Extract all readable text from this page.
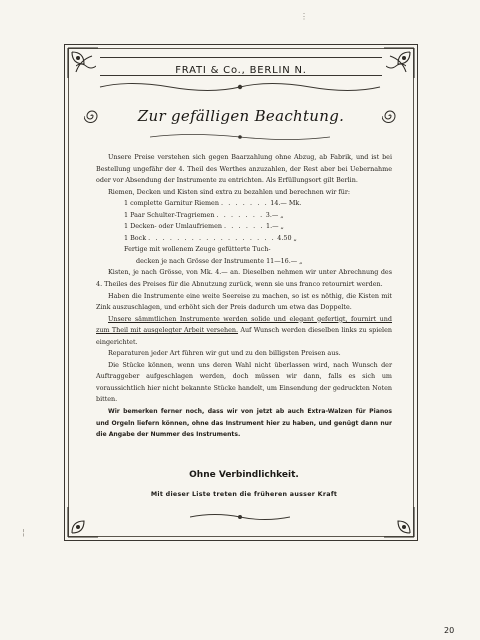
FRATI & Co., BERLIN N.
Zur gefälligen Beachtung.

Unsere Preise verstehen sich gegen Baarzahlung ohne Abzug, ab Fabrik, und ist bei Bestellung ungefähr der 4. Theil des Werthes anzuzahlen, der Rest aber bei Uebernahme oder vor Absendung der Instrumente zu entrichten. Als Erfüllungsort gilt Berlin.

Riemen, Decken und Kisten sind extra zu bezahlen und berechnen wir für:

1 complette Garnitur Riemen . . . . . . . 14.— Mk.

1 Paar Schulter-Tragriemen . . . . . . . 3.— „

1 Decken- oder Umlaufriemen . . . . . . 1.— „

1 Bock . . . . . . . . . . . . . . . . . . 4.50 „

Fertige mit wollenem Zeuge gefütterte Tuch-

decken je nach Grösse der Instrumente 11—16.— „

Kisten, je nach Grösse, von Mk. 4.— an. Dieselben nehmen wir unter Abrechnung des 4. Theiles des Preises für die Abnutzung zurück, wenn sie uns franco retournirt werden.

Haben die Instrumente eine weite Seereise zu machen, so ist es nöthig, die Kisten mit Zink auszuschlagen, und erhöht sich der Preis dadurch um etwa das Doppelte.

Unsere sämmtlichen Instrumente werden solide und elegant gefertigt, fournirt und zum Theil mit ausgelegter Arbeit versehen. Auf Wunsch werden dieselben links zu spielen eingerichtet.

Reparaturen jeder Art führen wir gut und zu den billigsten Preisen aus.

Die Stücke können, wenn uns deren Wahl nicht überlassen wird, nach Wunsch der Auftraggeber aufgeschlagen werden, doch müssen wir dann, falls es sich um voraussichtlich hier nicht bekannte Stücke handelt, um Einsendung der gedruckten Noten bitten.

Wir bemerken ferner noch, dass wir von jetzt ab auch Extra-Walzen für Pianos und Orgeln liefern können, ohne das Instrument hier zu haben, und genügt dann nur die Angabe der Nummer des Instruments.

Ohne Verbindlichkeit.
Mit dieser Liste treten die früheren ausser Kraft
⋮
¦
20
